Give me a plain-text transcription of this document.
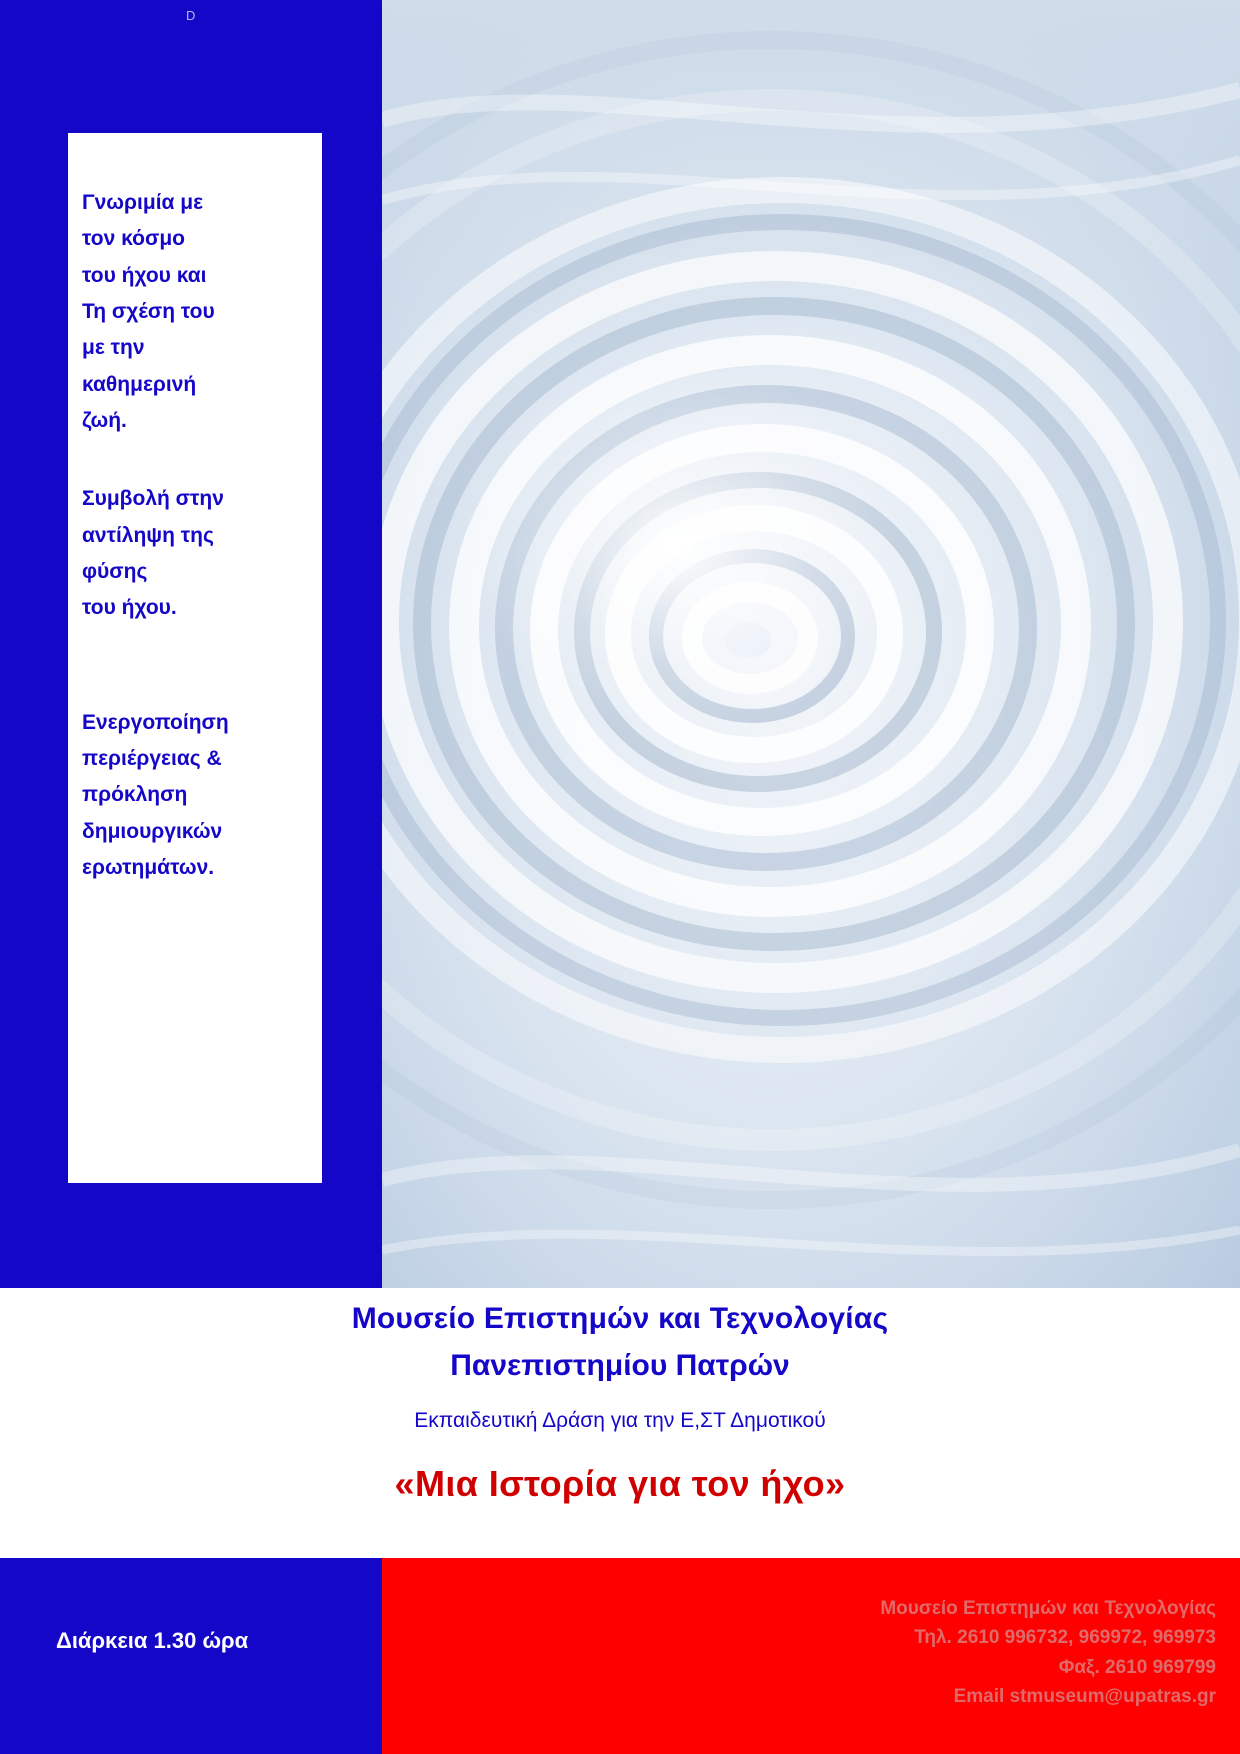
D

Γνωριμία με

τον κόσμο

του ήχου και

Τη σχέση του

με την

καθημερινή

ζωή.

Συμβολή στην

αντίληψη της

φύσης

του ήχου.

Ενεργοποίηση

περιέργειας &

πρόκληση

δημιουργικών

ερωτημάτων.

Μουσείο Επιστημών και Τεχνολογίας
Πανεπιστημίου Πατρών

Εκπαιδευτική Δράση για την Ε,ΣΤ Δημοτικού

«Μια Ιστορία για τον ήχο»
Διάρκεια 1.30 ώρα
Μουσείο Επιστημών και Τεχνολογίας
Τηλ. 2610 996732, 969972, 969973
Φαξ. 2610 969799
Email stmuseum@upatras.gr
